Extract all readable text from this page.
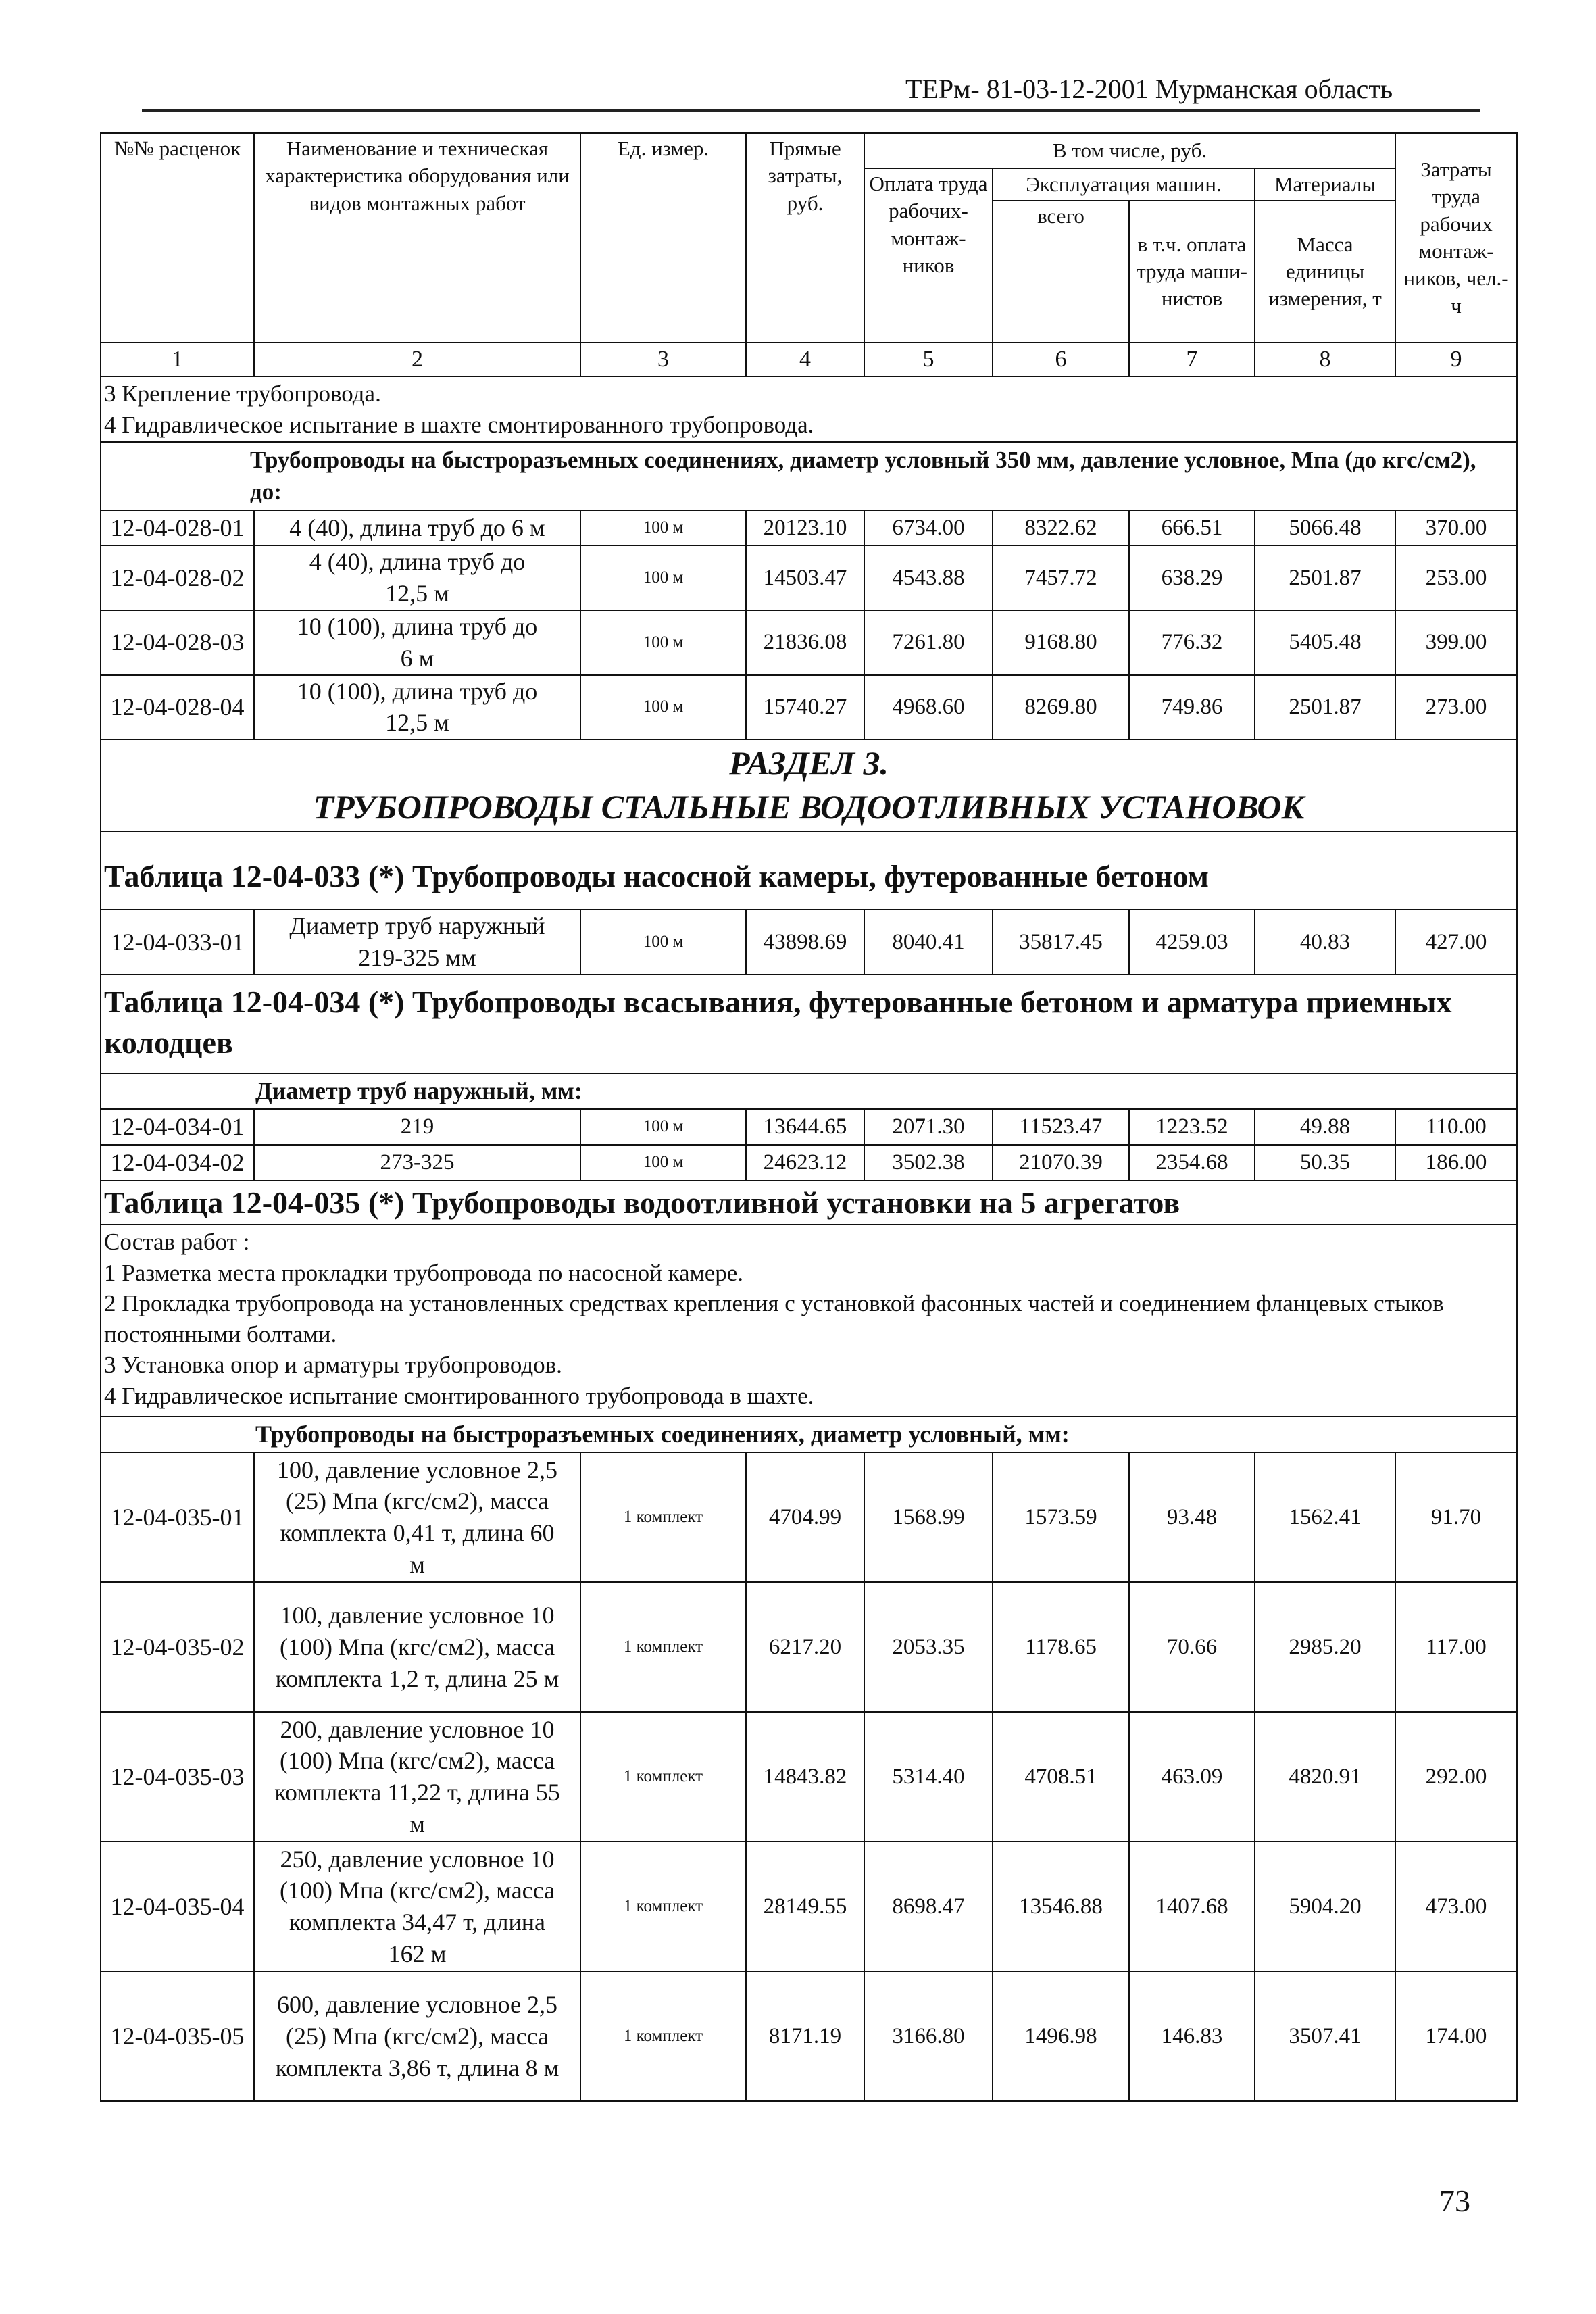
ТЕРм- 81-03-12-2001 Мурманская область
№№ расценок	Наименование и техническая характеристика оборудования или видов монтажных работ	Ед. измер.	Прямые затраты, руб.	В том числе, руб.				Затраты труда рабочих монтаж-ников, чел.-ч
				Оплата труда рабочих-монтаж-ников	Эксплуатация машин.		Материалы	
					всего	в т.ч. оплата труда маши-нистов	Масса единицы измерения, т	
1	2	3	4	5	6	7	8	9

3 Крепление трубопровода.
4 Гидравлическое испытание в шахте смонтированного трубопровода.								

Трубопроводы на быстроразъемных соединениях, диаметр условный 350 мм, давление условное, Мпа (до кгс/см2), до:								
12-04-028-01	4 (40), длина труб до 6 м	100 м	20123.10	6734.00	8322.62	666.51	5066.48	370.00
12-04-028-02	4 (40), длина труб до 12,5 м	100 м	14503.47	4543.88	7457.72	638.29	2501.87	253.00
12-04-028-03	10 (100), длина труб до 6 м	100 м	21836.08	7261.80	9168.80	776.32	5405.48	399.00
12-04-028-04	10 (100), длина труб до 12,5 м	100 м	15740.27	4968.60	8269.80	749.86	2501.87	273.00

РАЗДЕЛ 3.
ТРУБОПРОВОДЫ СТАЛЬНЫЕ ВОДООТЛИВНЫХ УСТАНОВОК								

Таблица 12-04-033 (*) Трубопроводы насосной камеры, футерованные бетоном								
12-04-033-01	Диаметр труб наружный 219-325 мм	100 м	43898.69	8040.41	35817.45	4259.03	40.83	427.00
Таблица 12-04-034 (*) Трубопроводы всасывания, футерованные бетоном и арматура приемных колодцев								
Диаметр труб наружный, мм:								
12-04-034-01	219	100 м	13644.65	2071.30	11523.47	1223.52	49.88	110.00
12-04-034-02	273-325	100 м	24623.12	3502.38	21070.39	2354.68	50.35	186.00
Таблица 12-04-035 (*) Трубопроводы водоотливной установки на 5 агрегатов								

Состав работ :
1 Разметка места прокладки трубопровода по насосной камере.
2 Прокладка трубопровода на установленных средствах крепления с установкой фасонных частей и соединением фланцевых стыков постоянными болтами.
3 Установка опор и арматуры трубопроводов.
4 Гидравлическое испытание смонтированного трубопровода в шахте.								

Трубопроводы на быстроразъемных соединениях, диаметр условный, мм:								
12-04-035-01	100, давление условное 2,5 (25) Мпа (кгс/см2), масса комплекта 0,41 т, длина 60 м	1 комплект	4704.99	1568.99	1573.59	93.48	1562.41	91.70
12-04-035-02	100, давление условное 10 (100) Мпа (кгс/см2), масса комплекта 1,2 т, длина 25 м	1 комплект	6217.20	2053.35	1178.65	70.66	2985.20	117.00
12-04-035-03	200, давление условное 10 (100) Мпа (кгс/см2), масса комплекта 11,22 т, длина 55 м	1 комплект	14843.82	5314.40	4708.51	463.09	4820.91	292.00
12-04-035-04	250, давление условное 10 (100) Мпа (кгс/см2), масса комплекта 34,47 т, длина 162 м	1 комплект	28149.55	8698.47	13546.88	1407.68	5904.20	473.00
12-04-035-05	600, давление условное 2,5 (25) Мпа (кгс/см2), масса комплекта 3,86 т, длина 8 м	1 комплект	8171.19	3166.80	1496.98	146.83	3507.41	174.00
73
